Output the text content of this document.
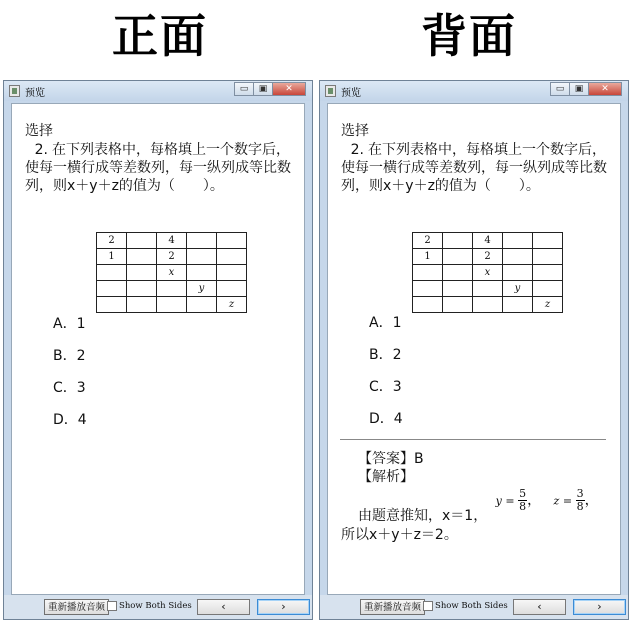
正面	背面
预览	▭	▣	✕
选择
2. 在下列表格中，每格填上一个数字后，使每一横行成等差数列，每一纵列成等比数列，则x＋y＋z的值为（　　）。
2		4		
1		2		
		x		
			y	
				z
A．1
B．2
C．3
D．4
重新播放音频	Show Both Sides	‹	›
预览	▭	▣	✕
选择
2. 在下列表格中，每格填上一个数字后，使每一横行成等差数列，每一纵列成等比数列，则x＋y＋z的值为（　　）。
2		4		
1		2		
		x		
			y	
				z
A．1
B．2
C．3
D．4
【答案】B
【解析】
由题意推知，x＝1， $y = \frac{5}{8}$ ， $z = \frac{3}{8}$ ，
所以x＋y＋z＝2。
重新播放音频	Show Both Sides	‹	›
